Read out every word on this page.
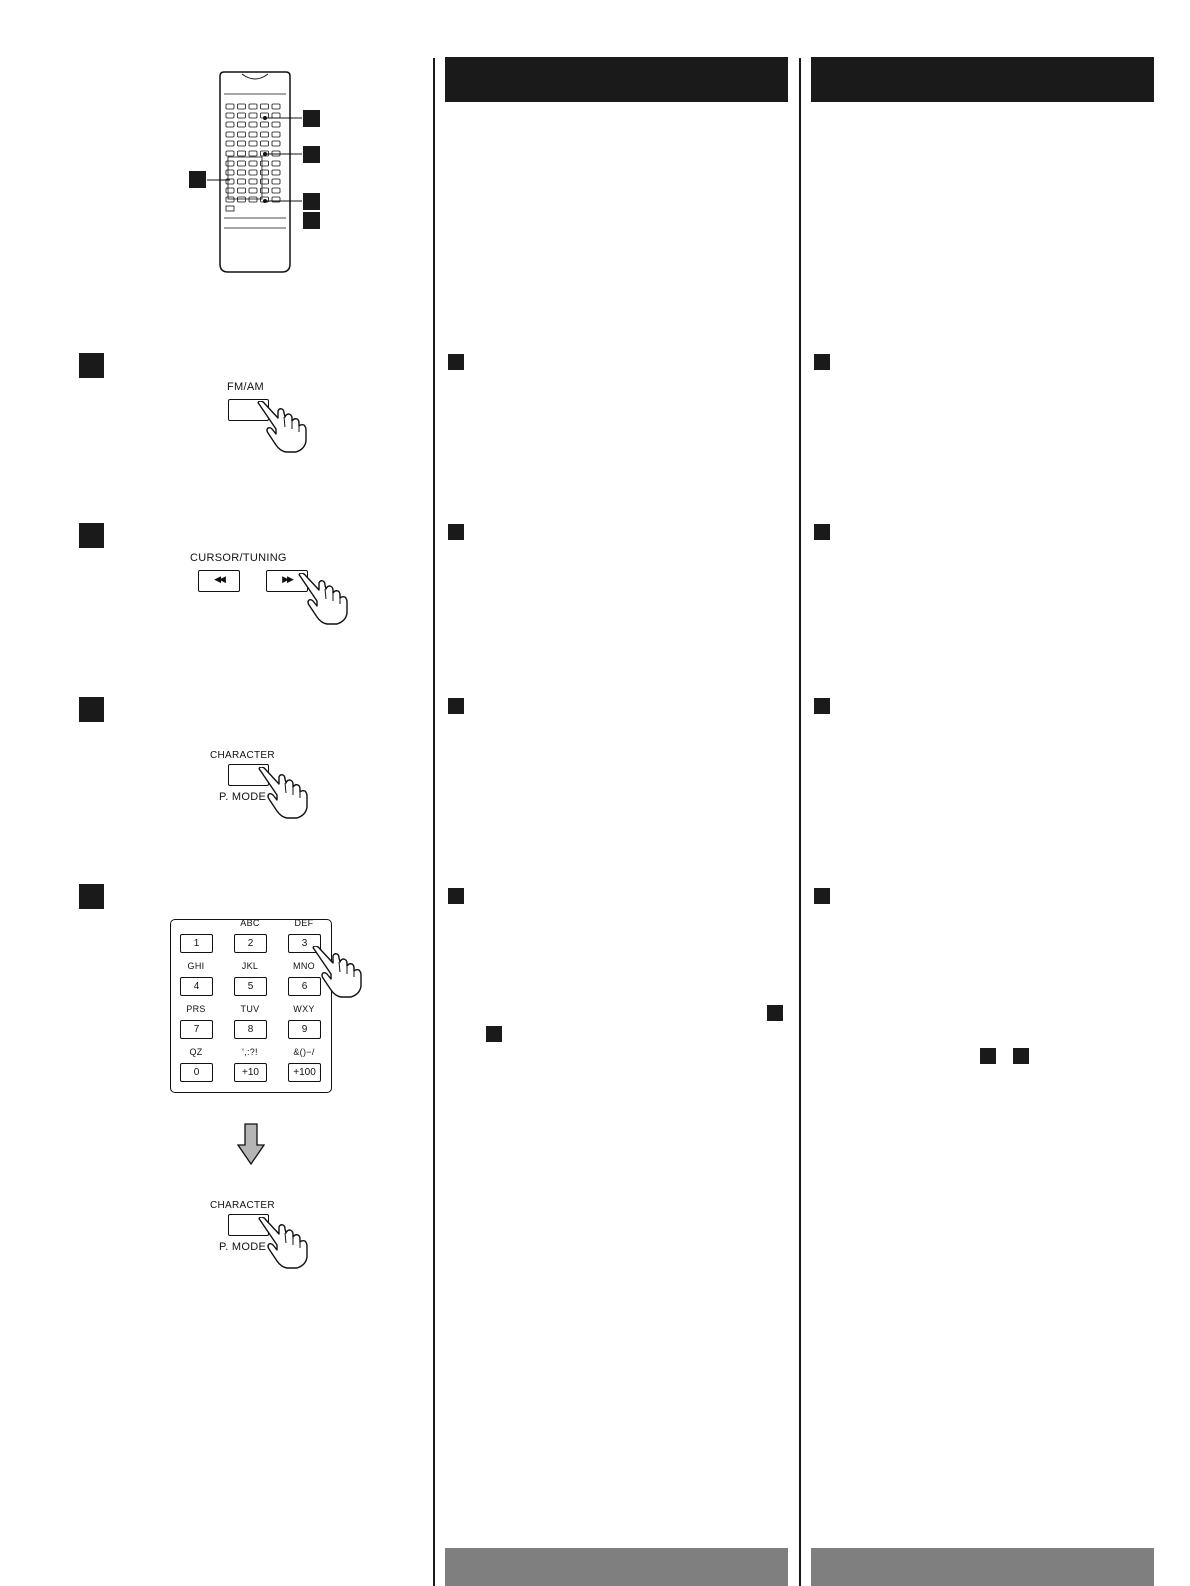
FM/AM
CURSOR/TUNING
◀◀	▶▶
CHARACTER
P. MODE
1
ABC
2
DEF
3
GHI
4
JKL
5
MNO
6
PRS
7
TUV
8
WXY
9
QZ
0
',:?!
+10
&()−/
+100
CHARACTER
P. MODE
